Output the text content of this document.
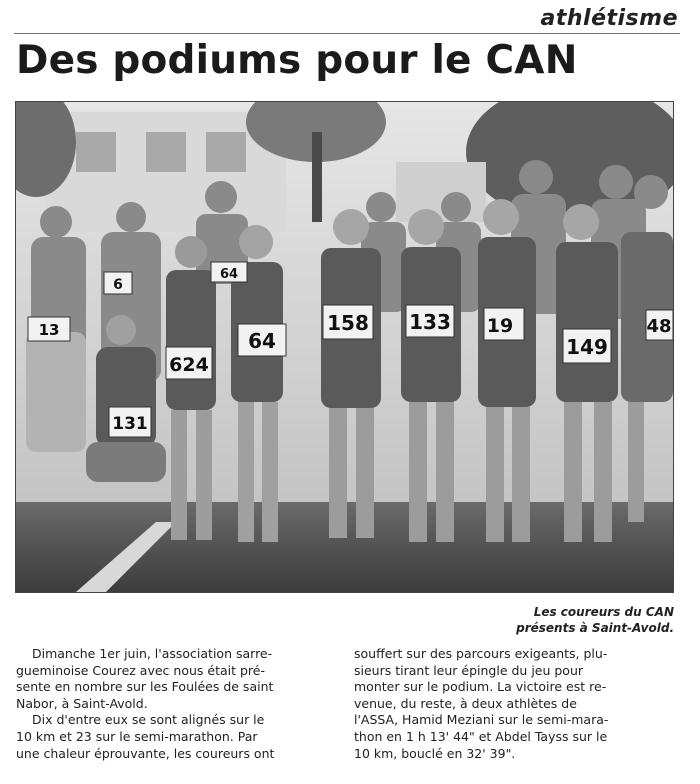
athlétisme
Des podiums pour le CAN
6
64
624
64
158 133 19
149
48
131
13
Les coureurs du CAN
présents à Saint-Avold.

Dimanche 1er juin, l'association sarre-

gueminoise Courez avec nous était pré-

sente en nombre sur les Foulées de saint

Nabor, à Saint-Avold.

Dix d'entre eux se sont alignés sur le

10 km et 23 sur le semi-marathon. Par

une chaleur éprouvante, les coureurs ont

souffert sur des parcours exigeants, plu-

sieurs tirant leur épingle du jeu pour

monter sur le podium. La victoire est re-

venue, du reste, à deux athlètes de

l'ASSA, Hamid Meziani sur le semi-mara-

thon en 1 h 13' 44" et Abdel Tayss sur le

10 km, bouclé en 32' 39".
